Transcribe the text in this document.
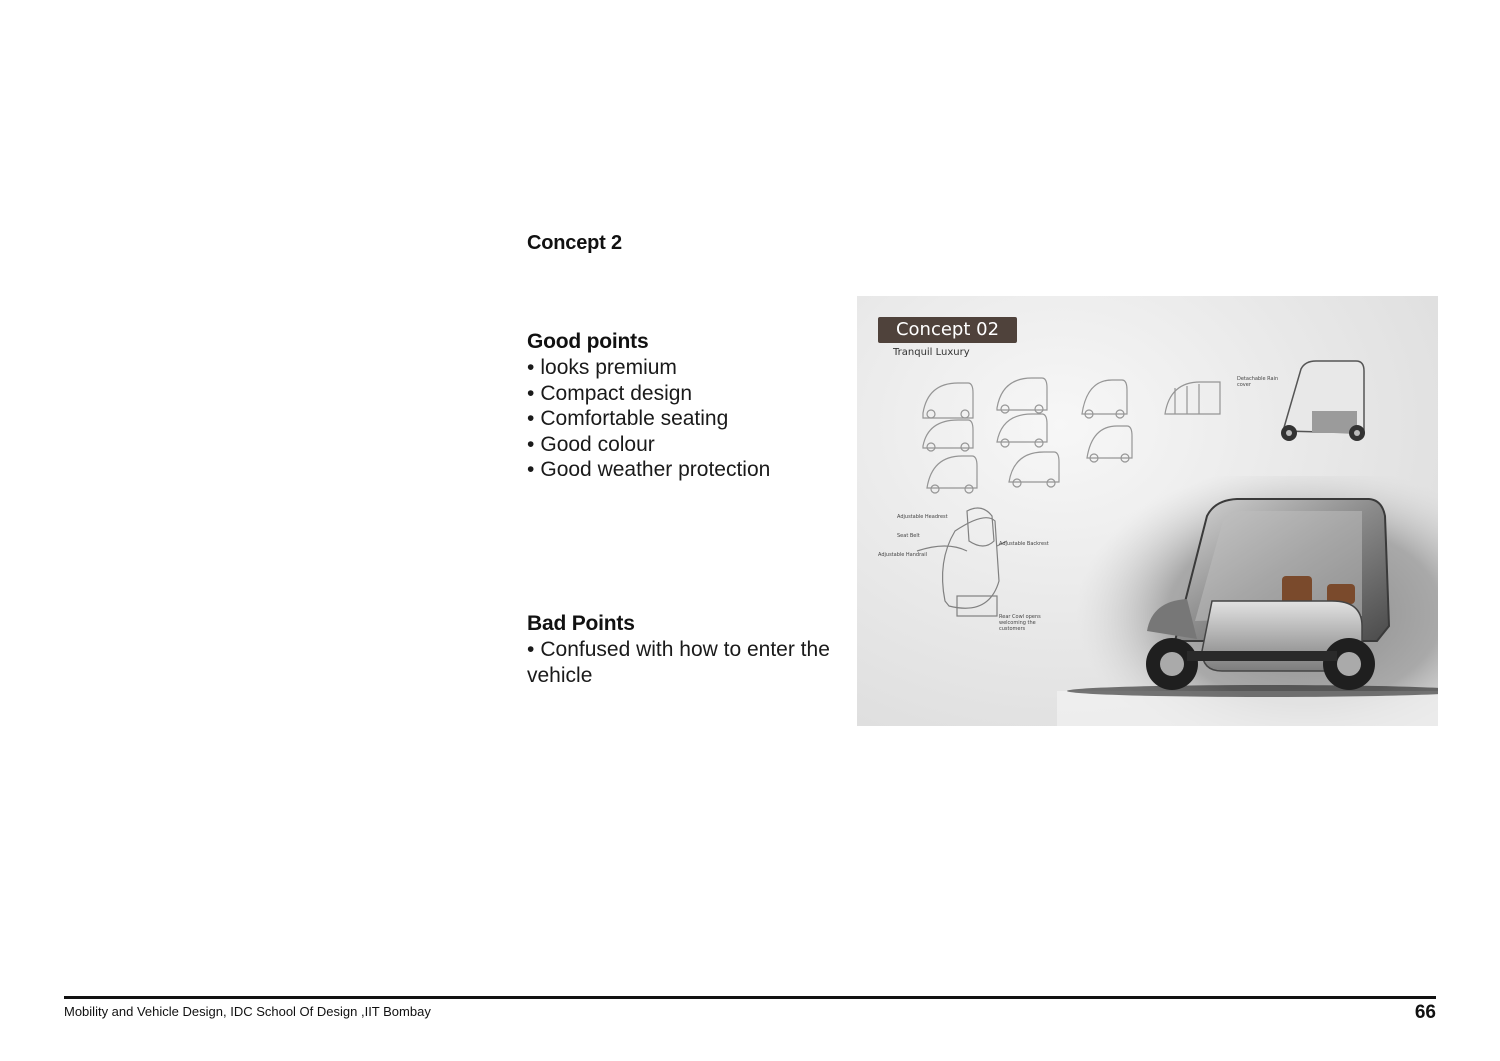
Concept 2
Good points
• looks premium
• Compact design
• Comfortable seating
• Good colour
• Good weather protection
Bad Points
• Confused with how to enter the vehicle
Concept 02
Tranquil Luxury
Detachable Rain cover
Adjustable Headrest
Seat Belt
Adjustable Handrail
Adjustable Backrest
Rear Cowl opens welcoming the customers
Mobility and Vehicle Design, IDC School Of Design ,IIT Bombay	66
